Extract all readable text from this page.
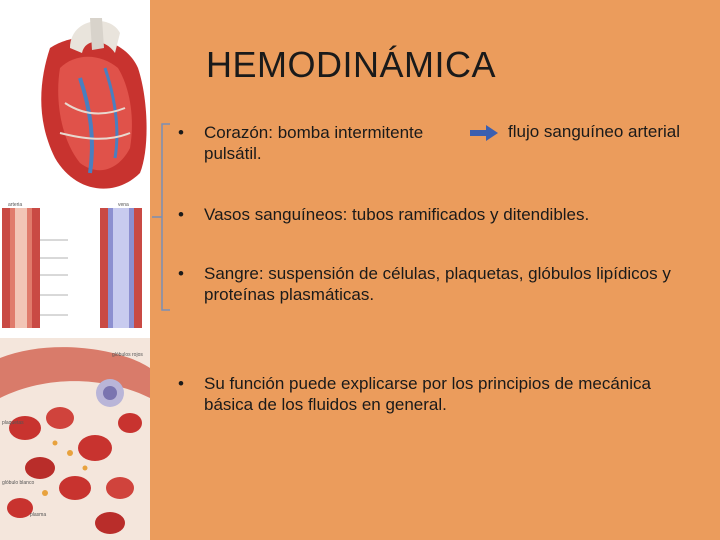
arteria	vena
glóbulos rojos
plaquetas
glóbulo blanco
plasma
HEMODINÁMICA
• Corazón: bomba intermitente
pulsátil.
flujo sanguíneo arterial
• Vasos sanguíneos: tubos ramificados y ditendibles.
• Sangre: suspensión de células, plaquetas, glóbulos lipídicos y
proteínas plasmáticas.
• Su función puede explicarse por los principios de mecánica
básica de los fluidos en general.
